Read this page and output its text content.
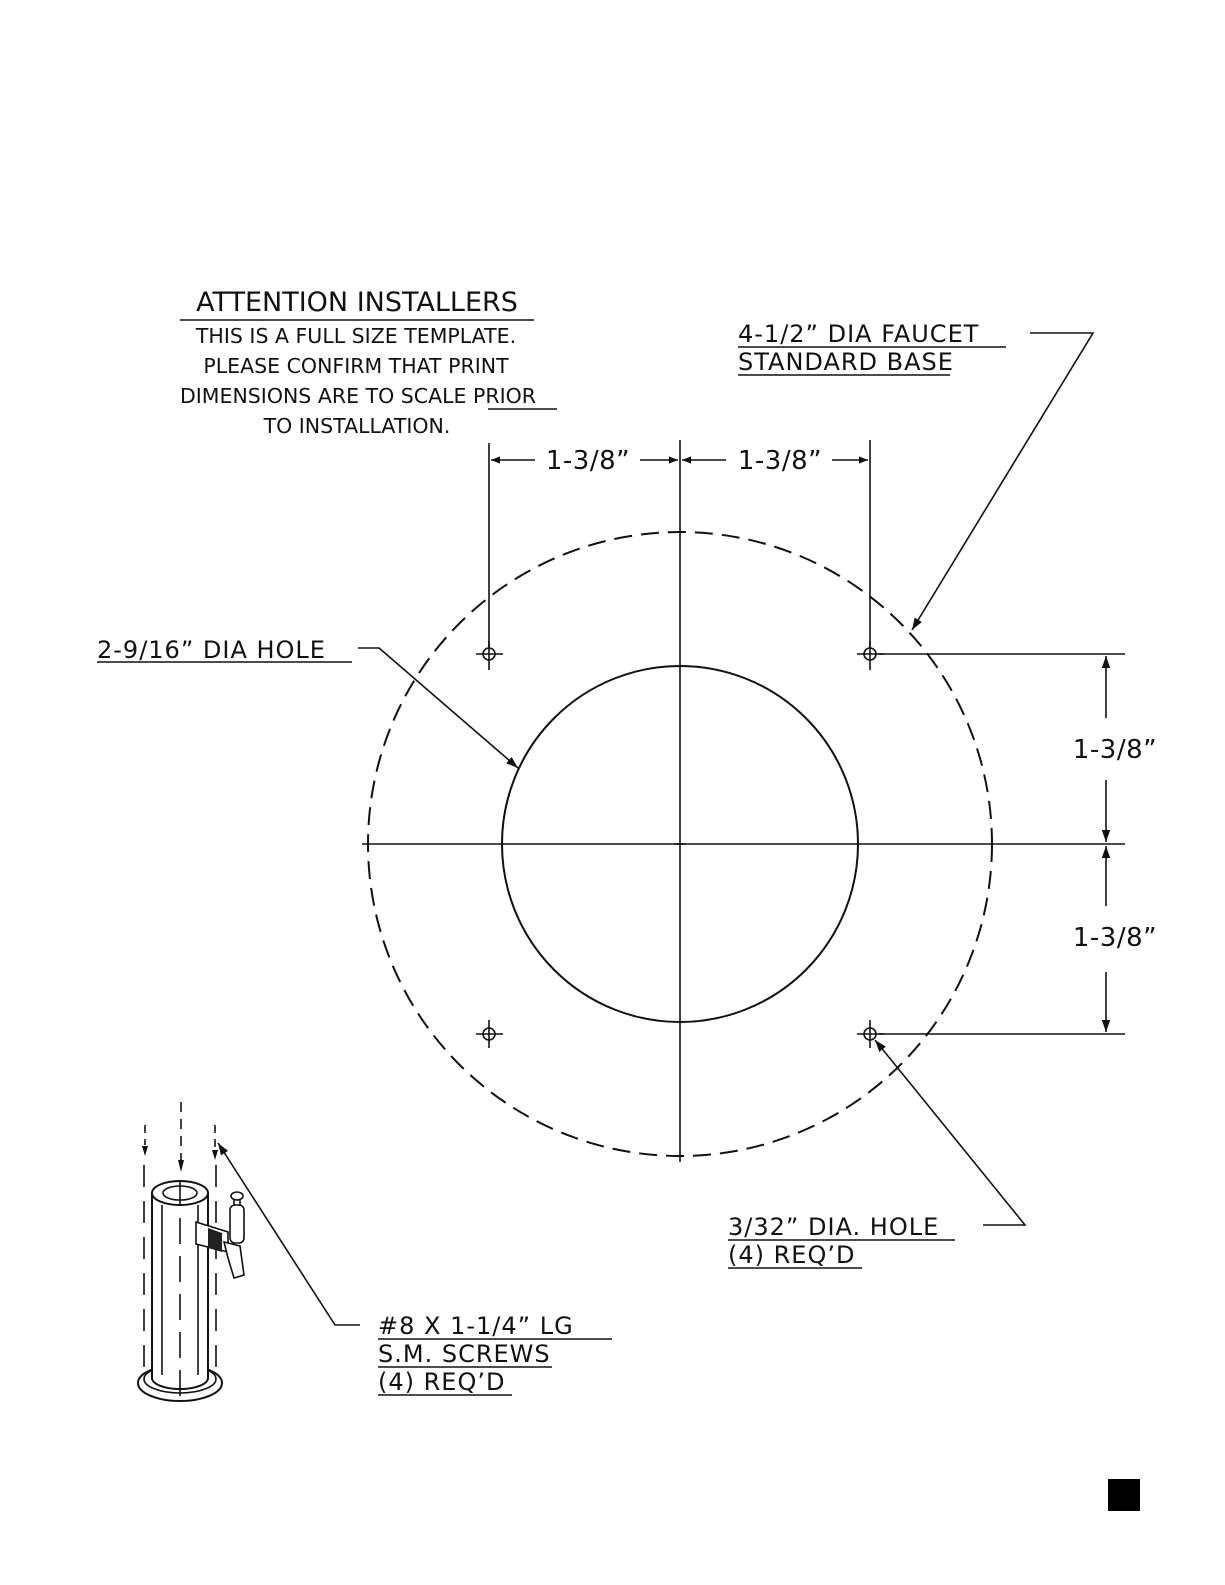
ATTENTION INSTALLERS
THIS IS A FULL SIZE TEMPLATE.
PLEASE CONFIRM THAT PRINT
DIMENSIONS ARE TO SCALE PRIOR
TO INSTALLATION.
4-1/2” DIA FAUCET
STANDARD BASE
2-9/16” DIA HOLE
1-3/8”	1-3/8”
1-3/8”
1-3/8”
3/32” DIA. HOLE
(4) REQ’D
#8 X 1-1/4” LG
S.M. SCREWS
(4) REQ’D
